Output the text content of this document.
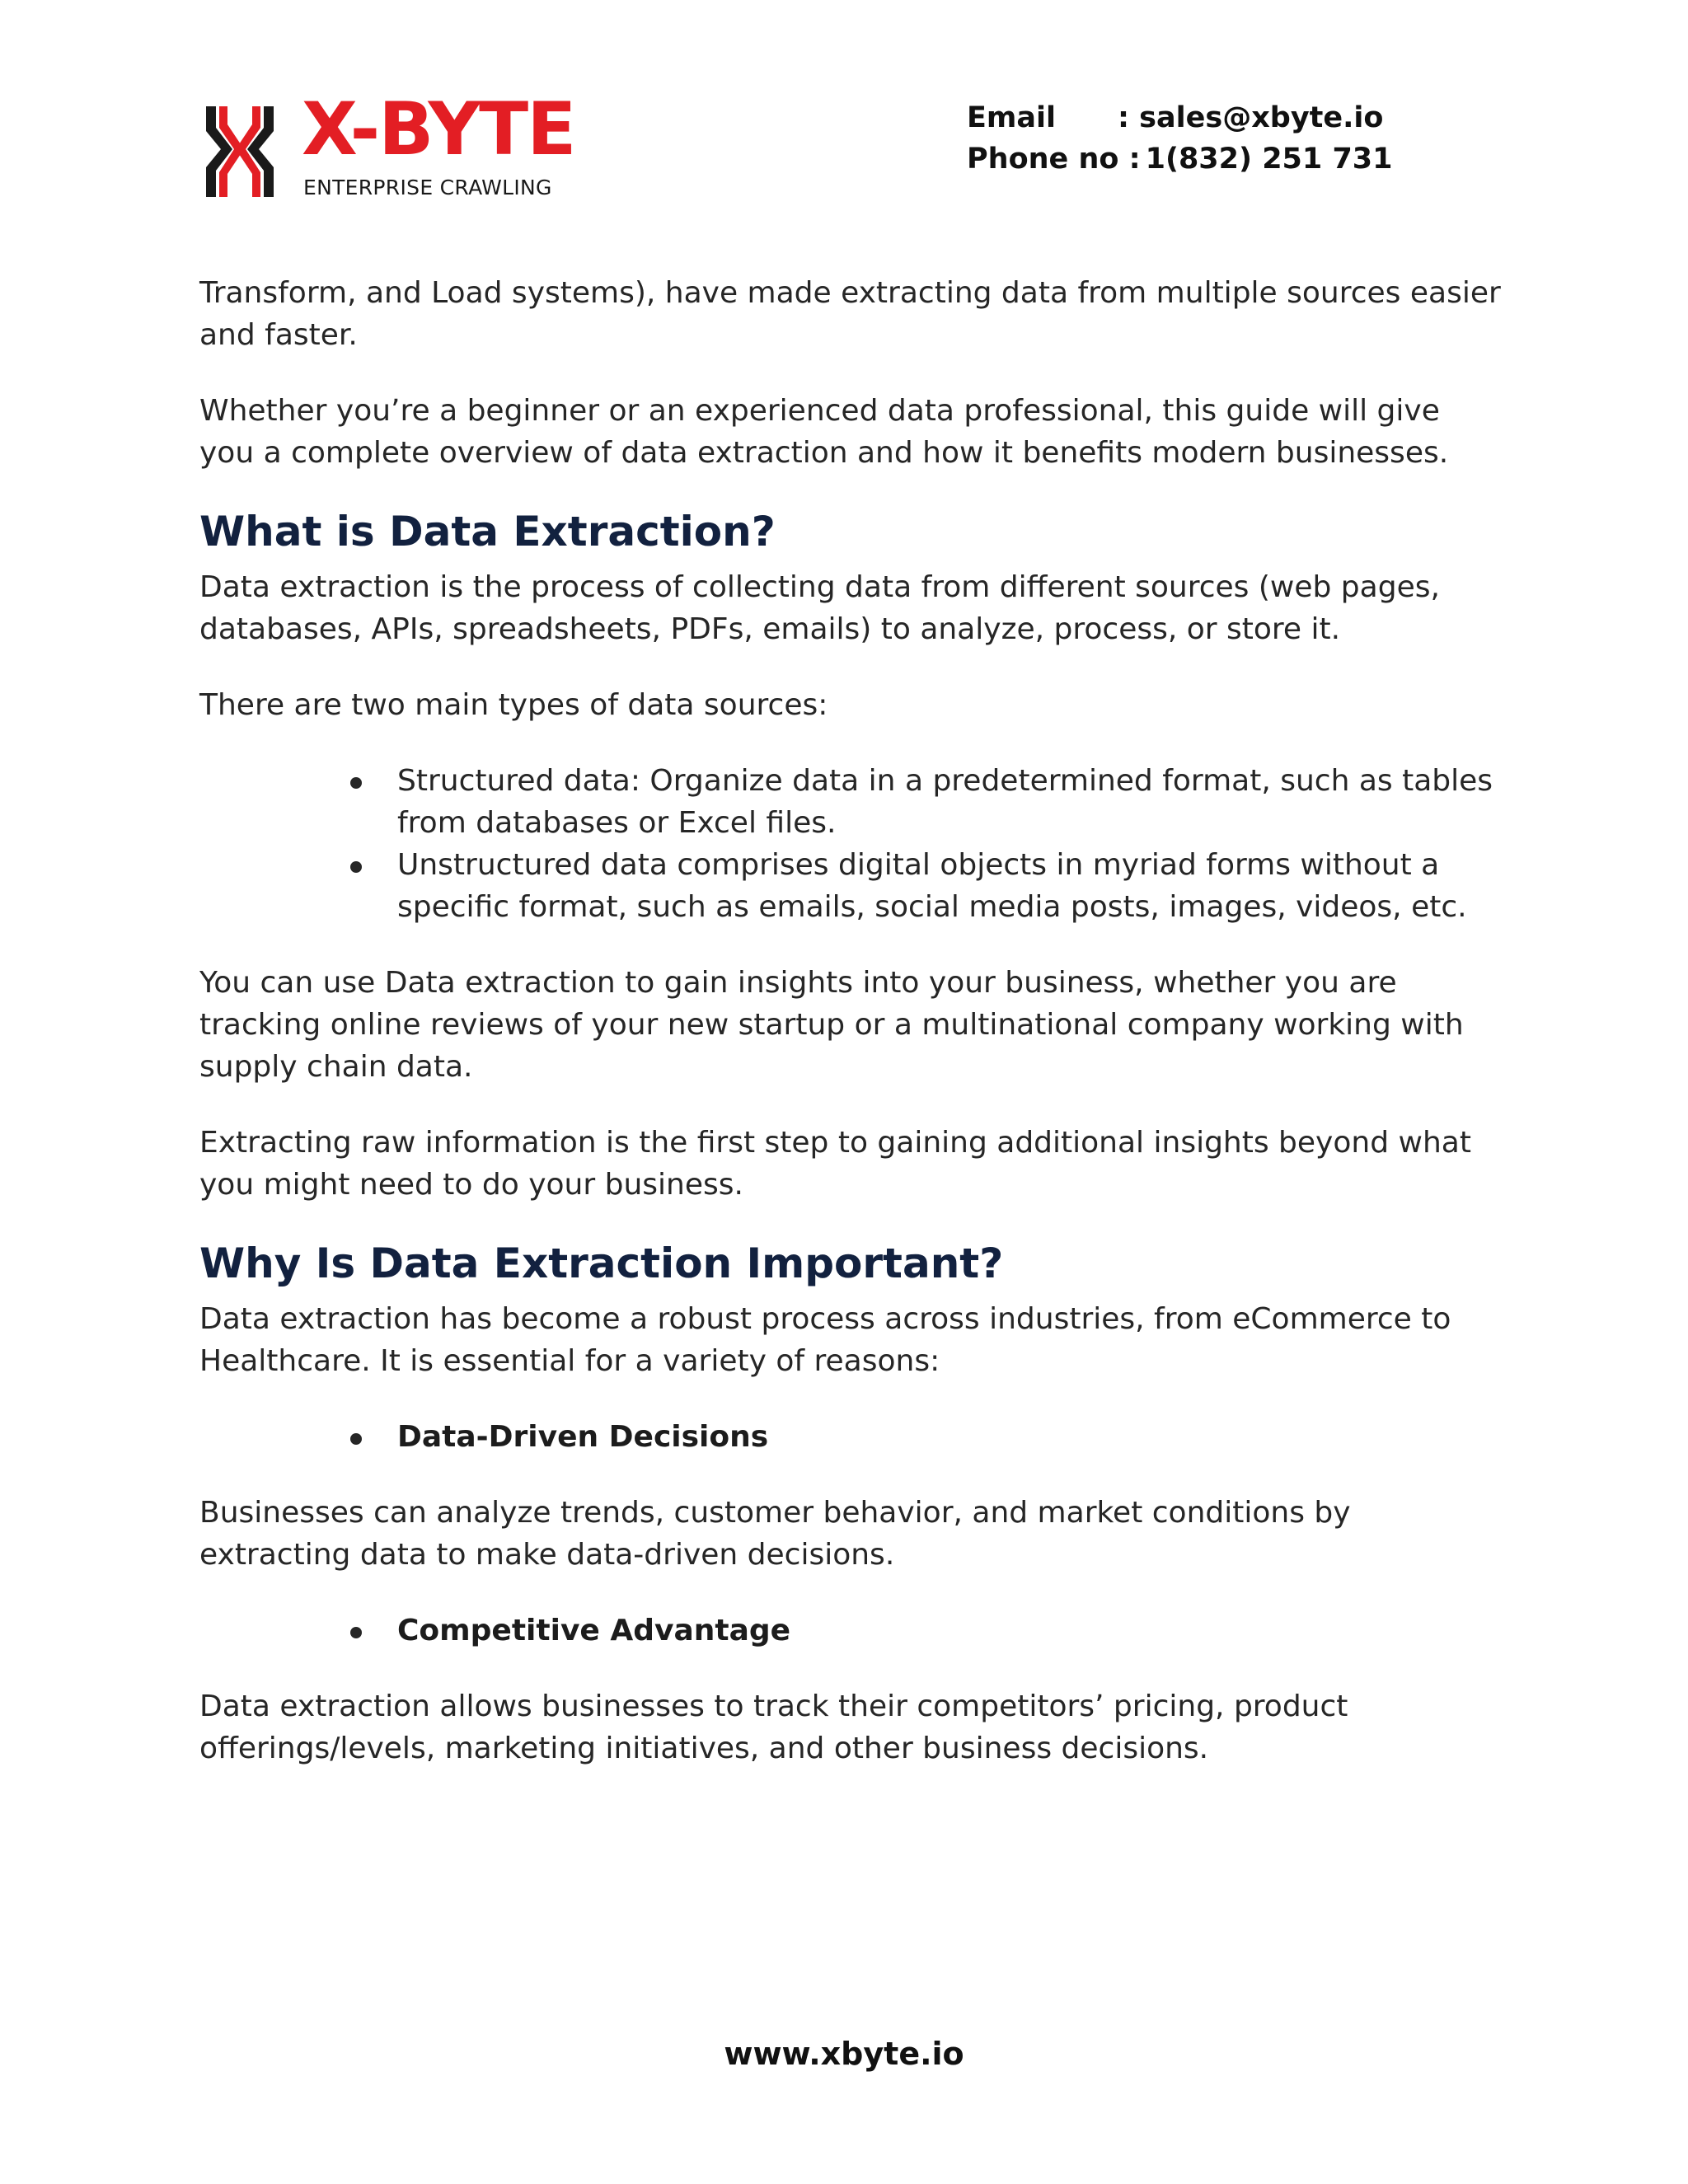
X-BYTE
ENTERPRISE CRAWLING
Email : sales@xbyte.io
Phone no : 1(832) 251 731

Transform, and Load systems), have made extracting data from multiple sources easier and faster.

Whether you’re a beginner or an experienced data professional, this guide will give you a complete overview of data extraction and how it benefits modern businesses.

What is Data Extraction?

Data extraction is the process of collecting data from different sources (web pages, databases, APIs, spreadsheets, PDFs, emails) to analyze, process, or store it.

There are two main types of data sources:

Structured data: Organize data in a predetermined format, such as tables from databases or Excel files.
Unstructured data comprises digital objects in myriad forms without a specific format, such as emails, social media posts, images, videos, etc.

You can use Data extraction to gain insights into your business, whether you are tracking online reviews of your new startup or a multinational company working with supply chain data.

Extracting raw information is the first step to gaining additional insights beyond what you might need to do your business.

Why Is Data Extraction Important?

Data extraction has become a robust process across industries, from eCommerce to Healthcare. It is essential for a variety of reasons:

Data-Driven Decisions

Businesses can analyze trends, customer behavior, and market conditions by extracting data to make data-driven decisions.

Competitive Advantage

Data extraction allows businesses to track their competitors’ pricing, product offerings/levels, marketing initiatives, and other business decisions.

www.xbyte.io
